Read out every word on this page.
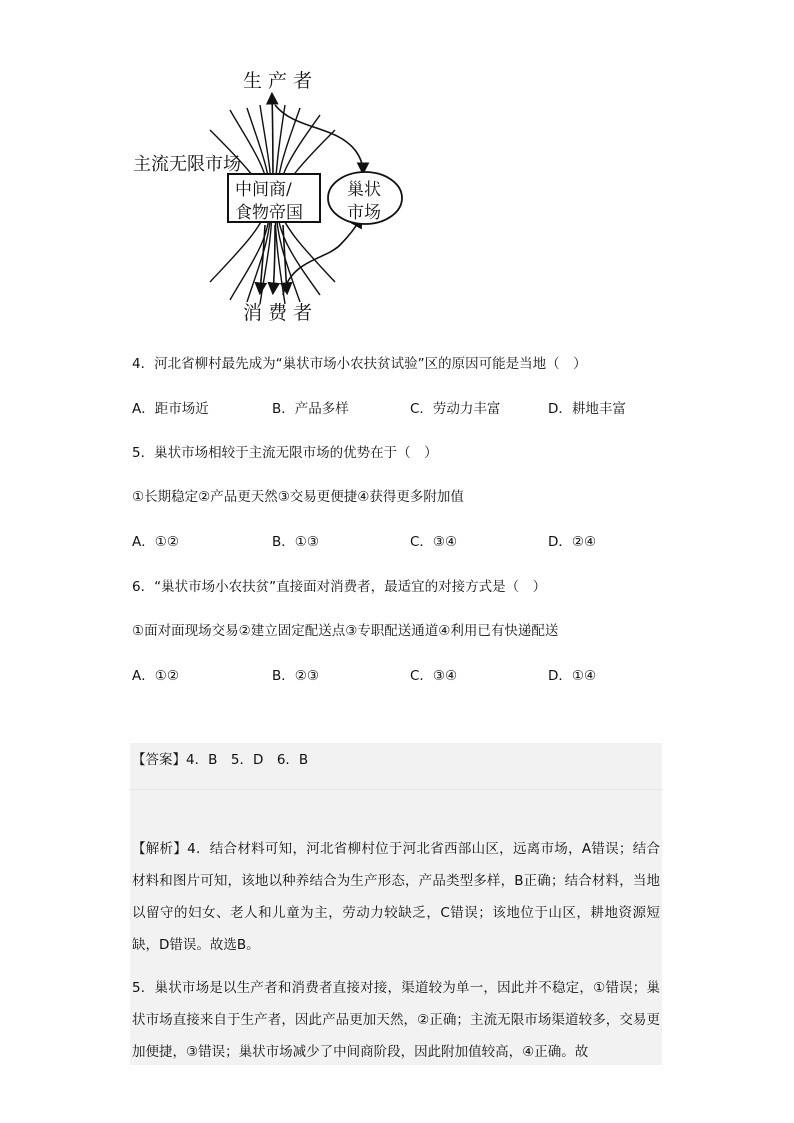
生 产 者
消 费 者
主流无限市场
中间商/
食物帝国
巢状
市场
4．河北省柳村最先成为“巢状市场小农扶贫试验”区的原因可能是当地（　）
A．距市场近	B．产品多样	C．劳动力丰富	D．耕地丰富
5．巢状市场相较于主流无限市场的优势在于（　）
①长期稳定②产品更天然③交易更便捷④获得更多附加值
A．①②	B．①③	C．③④	D．②④
6．“巢状市场小农扶贫”直接面对消费者，最适宜的对接方式是（　）
①面对面现场交易②建立固定配送点③专职配送通道④利用已有快递配送
A．①②	B．②③	C．③④	D．①④
【答案】4．B　5．D　6．B
【解析】4．结合材料可知，河北省柳村位于河北省西部山区，远离市场，A错误；结合材料和图片可知，该地以种养结合为生产形态，产品类型多样，B正确；结合材料，当地以留守的妇女、老人和儿童为主，劳动力较缺乏，C错误；该地位于山区，耕地资源短缺，D错误。故选B。
5．巢状市场是以生产者和消费者直接对接，渠道较为单一，因此并不稳定，①错误；巢状市场直接来自于生产者，因此产品更加天然，②正确；主流无限市场渠道较多，交易更加便捷，③错误；巢状市场减少了中间商阶段，因此附加值较高，④正确。故
